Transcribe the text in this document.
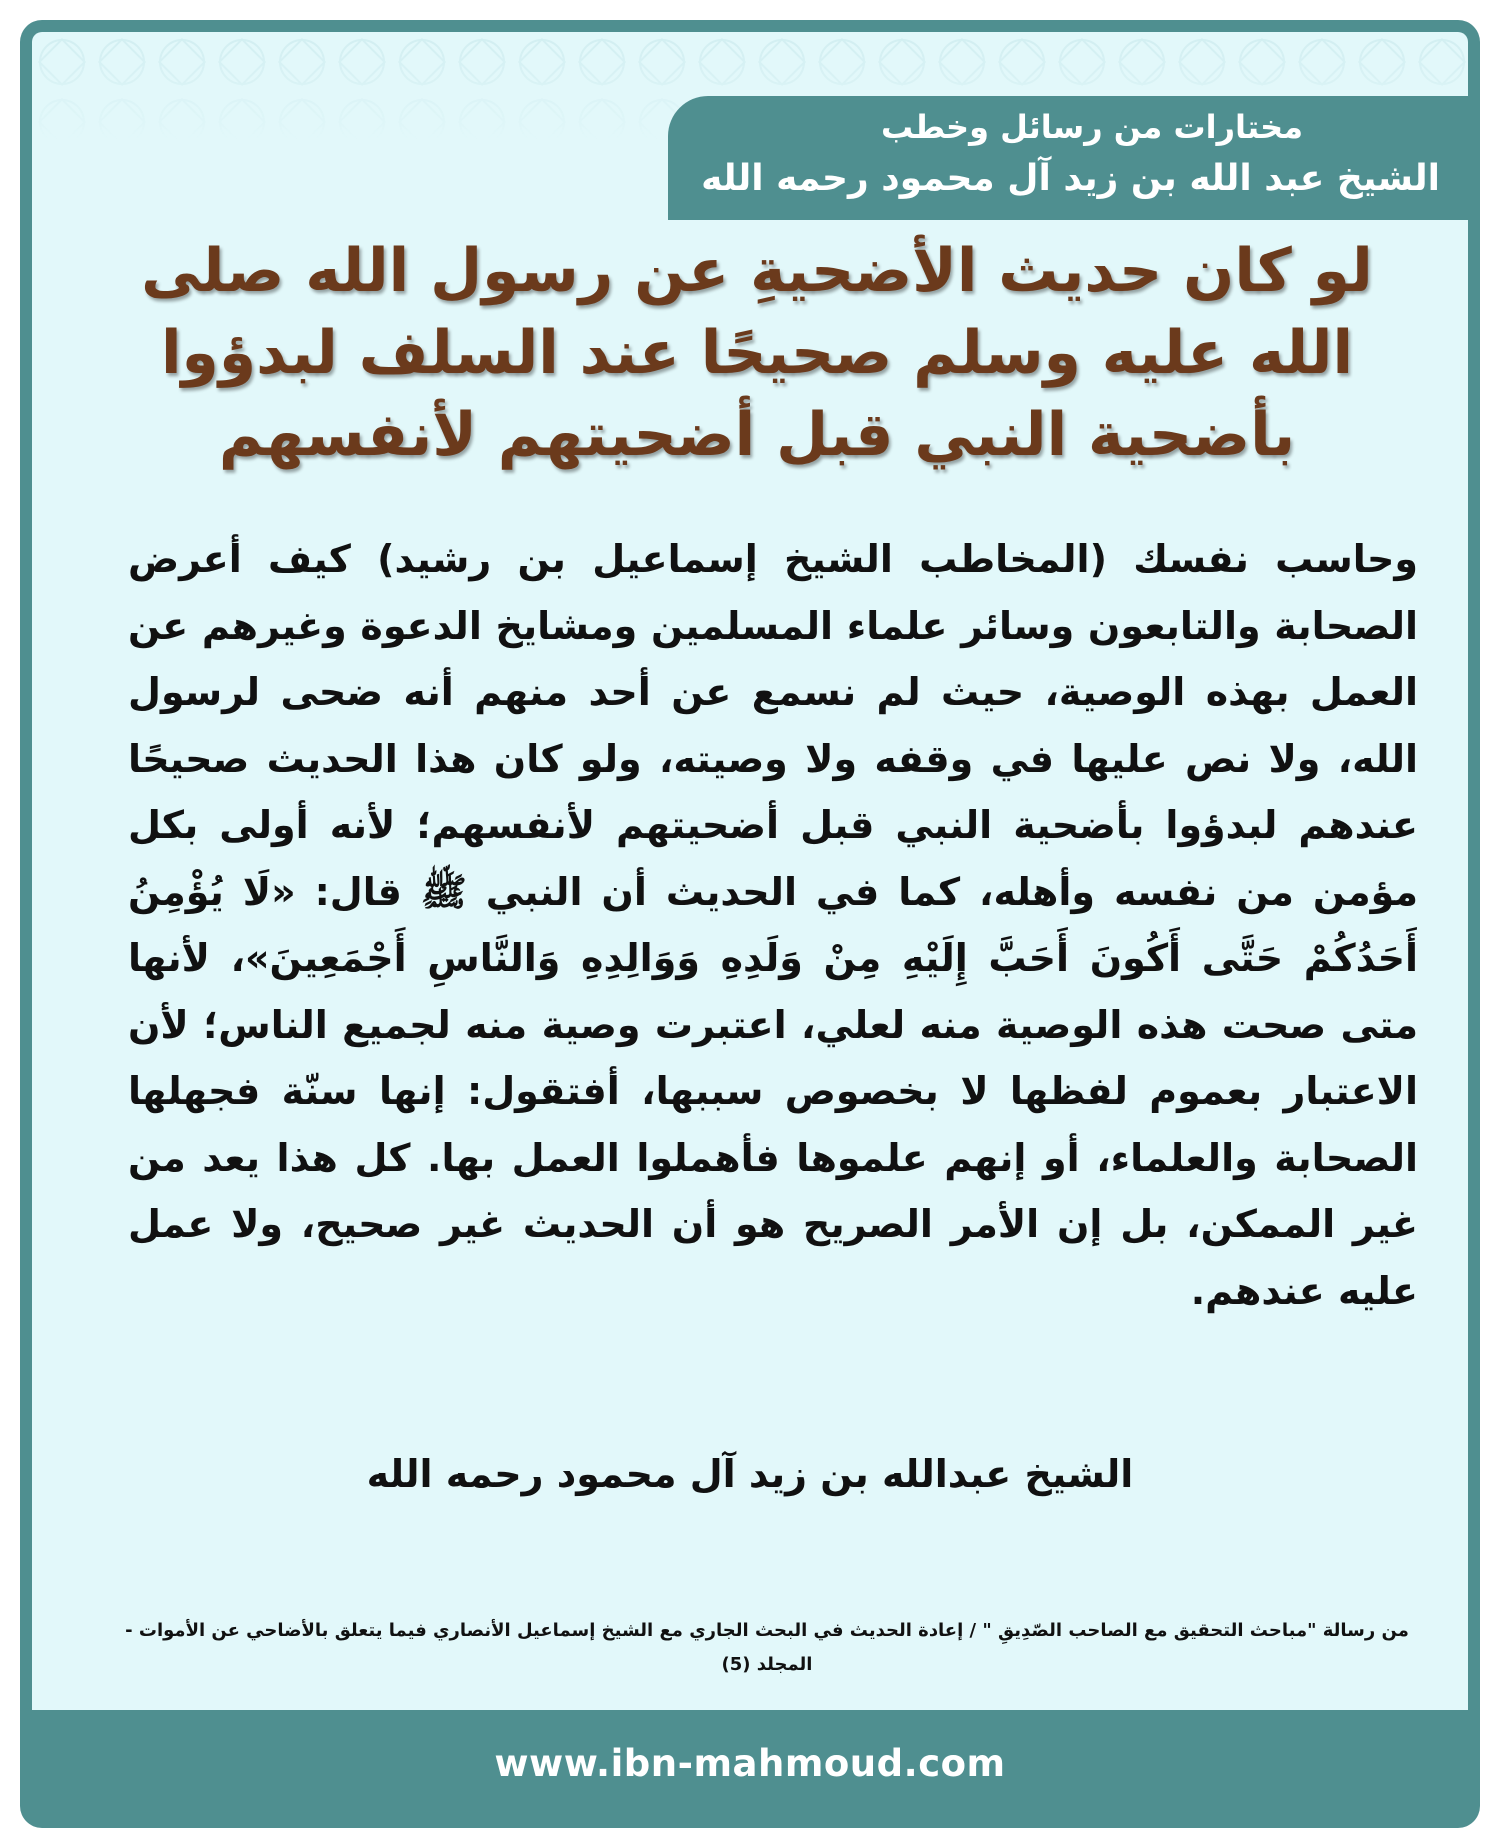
مختارات من رسائل وخطب
الشيخ عبد الله بن زيد آل محمود رحمه الله
لو كان حديث الأضحيةِ عن رسول الله صلى الله عليه وسلم صحيحًا عند السلف لبدؤوا بأضحية النبي قبل أضحيتهم لأنفسهم
وحاسب نفسك (المخاطب الشيخ إسماعيل بن رشيد) كيف أعرض الصحابة والتابعون وسائر علماء المسلمين ومشايخ الدعوة وغيرهم عن العمل بهذه الوصية، حيث لم نسمع عن أحد منهم أنه ضحى لرسول الله، ولا نص عليها في وقفه ولا وصيته، ولو كان هذا الحديث صحيحًا عندهم لبدؤوا بأضحية النبي قبل أضحيتهم لأنفسهم؛ لأنه أولى بكل مؤمن من نفسه وأهله، كما في الحديث أن النبي ﷺ قال: «لَا يُؤْمِنُ أَحَدُكُمْ حَتَّى أَكُونَ أَحَبَّ إِلَيْهِ مِنْ وَلَدِهِ وَوَالِدِهِ وَالنَّاسِ أَجْمَعِينَ»، لأنها متى صحت هذه الوصية منه لعلي، اعتبرت وصية منه لجميع الناس؛ لأن الاعتبار بعموم لفظها لا بخصوص سببها، أفتقول: إنها سنّة فجهلها الصحابة والعلماء، أو إنهم علموها فأهملوا العمل بها. كل هذا يعد من غير الممكن، بل إن الأمر الصريح هو أن الحديث غير صحيح، ولا عمل عليه عندهم.
الشيخ عبدالله بن زيد آل محمود رحمه الله
من رسالة "مباحث التحقيق مع الصاحب الصّدِيقِ " / إعادة الحديث في البحث الجاري مع الشيخ إسماعيل الأنصاري فيما يتعلق بالأضاحي عن الأموات - المجلد (5)
www.ibn-mahmoud.com
